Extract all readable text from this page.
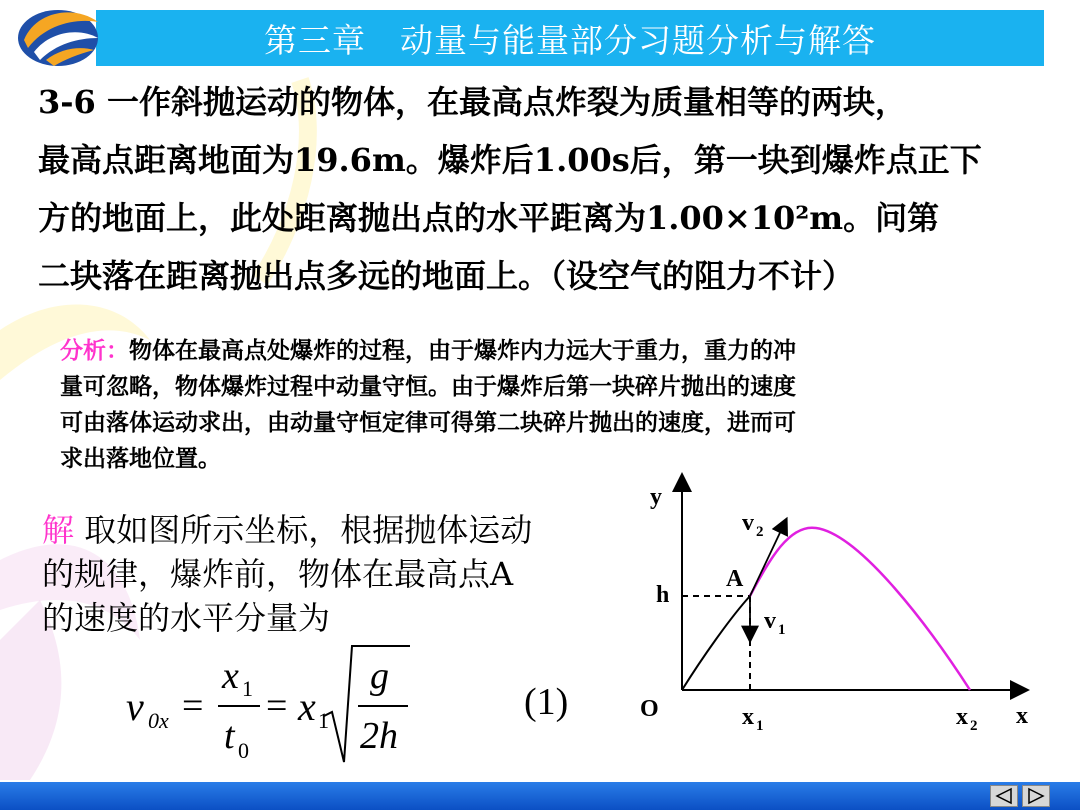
第三章　动量与能量部分习题分析与解答
3-6 一作斜抛运动的物体，在最高点炸裂为质量相等的两块，
最高点距离地面为19.6m。爆炸后1.00s后，第一块到爆炸点正下
方的地面上，此处距离抛出点的水平距离为1.00×10²m。问第
二块落在距离抛出点多远的地面上。（设空气的阻力不计）
分析：物体在最高点处爆炸的过程，由于爆炸内力远大于重力，重力的冲
量可忽略，物体爆炸过程中动量守恒。由于爆炸后第一块碎片抛出的速度
可由落体运动求出，由动量守恒定律可得第二块碎片抛出的速度，进而可
求出落地位置。
解 取如图所示坐标，根据抛体运动
的规律，爆炸前，物体在最高点A
的速度的水平分量为
v 0x =
x 1
t 0
= x 1
g
2h
(1)
y
x
O
h
A
v 2
v 1
x 1	x 2
